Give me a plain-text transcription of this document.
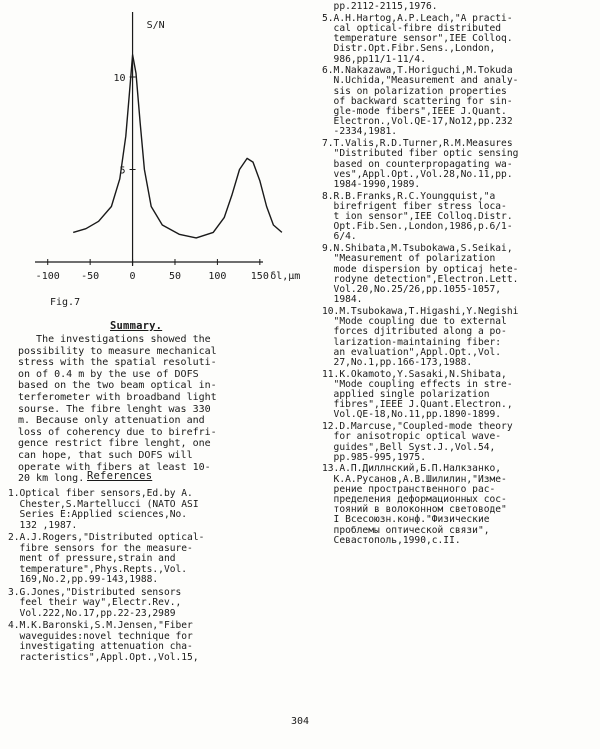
-100 -50	0	50	100 150 δl,μm
5
10
S/N
Fig.7
Summary.

The investigations showed the
possibility to measure mechanical
stress with the spatial resoluti-
on of 0.4 m by the use of DOFS
based on the two beam optical in-
terferometer with broadband light
sourse. The fibre lenght was 330
m. Because only attenuation and
loss of coherency due to birefri-
gence restrict fibre lenght, one
can hope, that such DOFS will
operate with fibers at least 10-
20 km long. References
1.Optical fiber sensors,Ed.by A.
Chester,S.Martellucci (NATO ASI
Series E:Applied sciences,No.
132 ,1987.
2.A.J.Rogers,"Distributed optical-
fibre sensors for the measure-
ment of pressure,strain and
temperature",Phys.Repts.,Vol.
169,No.2,pp.99-143,1988.
3.G.Jones,"Distributed sensors
feel their way",Electr.Rev.,
Vol.222,No.17,pp.22-23,2989
4.M.K.Baronski,S.M.Jensen,"Fiber
waveguides:novel technique for
investigating attenuation cha-
racteristics",Appl.Opt.,Vol.15,
pp.2112-2115,1976.
5.A.H.Hartog,A.P.Leach,"A practi-
cal optical-fibre distributed
temperature sensor",IEE Colloq.
Distr.Opt.Fibr.Sens.,London,
986,pp11/1-11/4.
6.M.Nakazawa,T.Horiguchi,M.Tokuda
N.Uchida,"Measurement and analy-
sis on polarization properties
of backward scattering for sin-
gle-mode fibers",IEEE J.Quant.
Electron.,Vol.QE-17,No12,pp.232
-2334,1981.
7.T.Valis,R.D.Turner,R.M.Measures
"Distributed fiber optic sensing
based on counterpropagating wa-
ves",Appl.Opt.,Vol.28,No.11,pp.
1984-1990,1989.
8.R.B.Franks,R.C.Youngquist,"a
birefrigent fiber stress loca-
t ion sensor",IEE Colloq.Distr.
Opt.Fib.Sen.,London,1986,p.6/1-
6/4.
9.N.Shibata,M.Tsubokawa,S.Seikai,
"Measurement of polarization
mode dispersion by opticaj hete-
rodyne detection",Electron.Lett.
Vol.20,No.25/26,pp.1055-1057,
1984.
10.M.Tsubokawa,T.Higashi,Y.Negishi
"Mode coupling due to external
forces djitributed along a po-
larization-maintaining fiber:
an evaluation",Appl.Opt.,Vol.
27,No.1,pp.166-173,1988.
11.K.Okamoto,Y.Sasaki,N.Shibata,
"Mode coupling effects in stre-
applied single polarization
fibres",IEEE J.Quant.Electron.,
Vol.QE-18,No.11,pp.1890-1899.
12.D.Marcuse,"Coupled-mode theory
for anisotropic optical wave-
guides",Bell Syst.J.,Vol.54,
pp.985-995,1975.
13.А.П.Диллнский,Б.П.Налкзанко,
К.А.Русанов,А.В.Шилилин,"Изме-
рение пространственного рас-
пределения деформационных сос-
тояний в волоконном световоде"
I Всесоюзн.конф."Физические
проблемы оптической связи",
Севастополь,1990,с.II.
304
